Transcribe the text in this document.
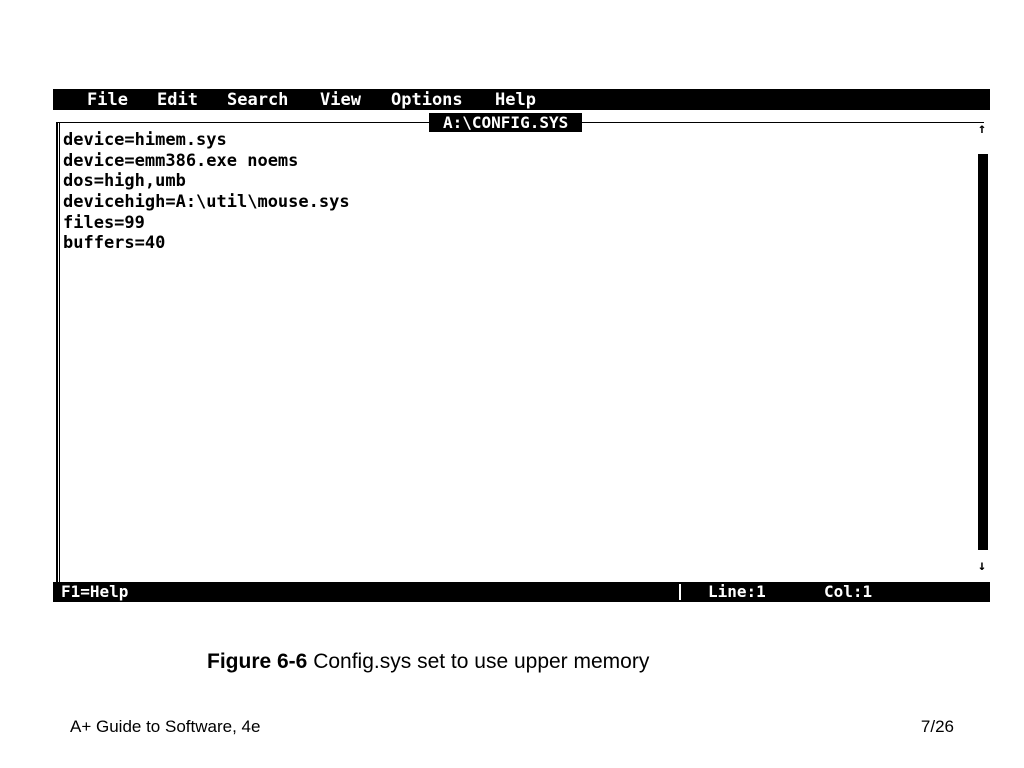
File Edit Search View Options Help
A:\CONFIG.SYS
device=himem.sys
device=emm386.exe noems
dos=high,umb
devicehigh=A:\util\mouse.sys
files=99
buffers=40
↑
↓
F1=Help	Line:1	Col:1
Figure 6-6 Config.sys set to use upper memory
A+ Guide to Software, 4e	7/26
